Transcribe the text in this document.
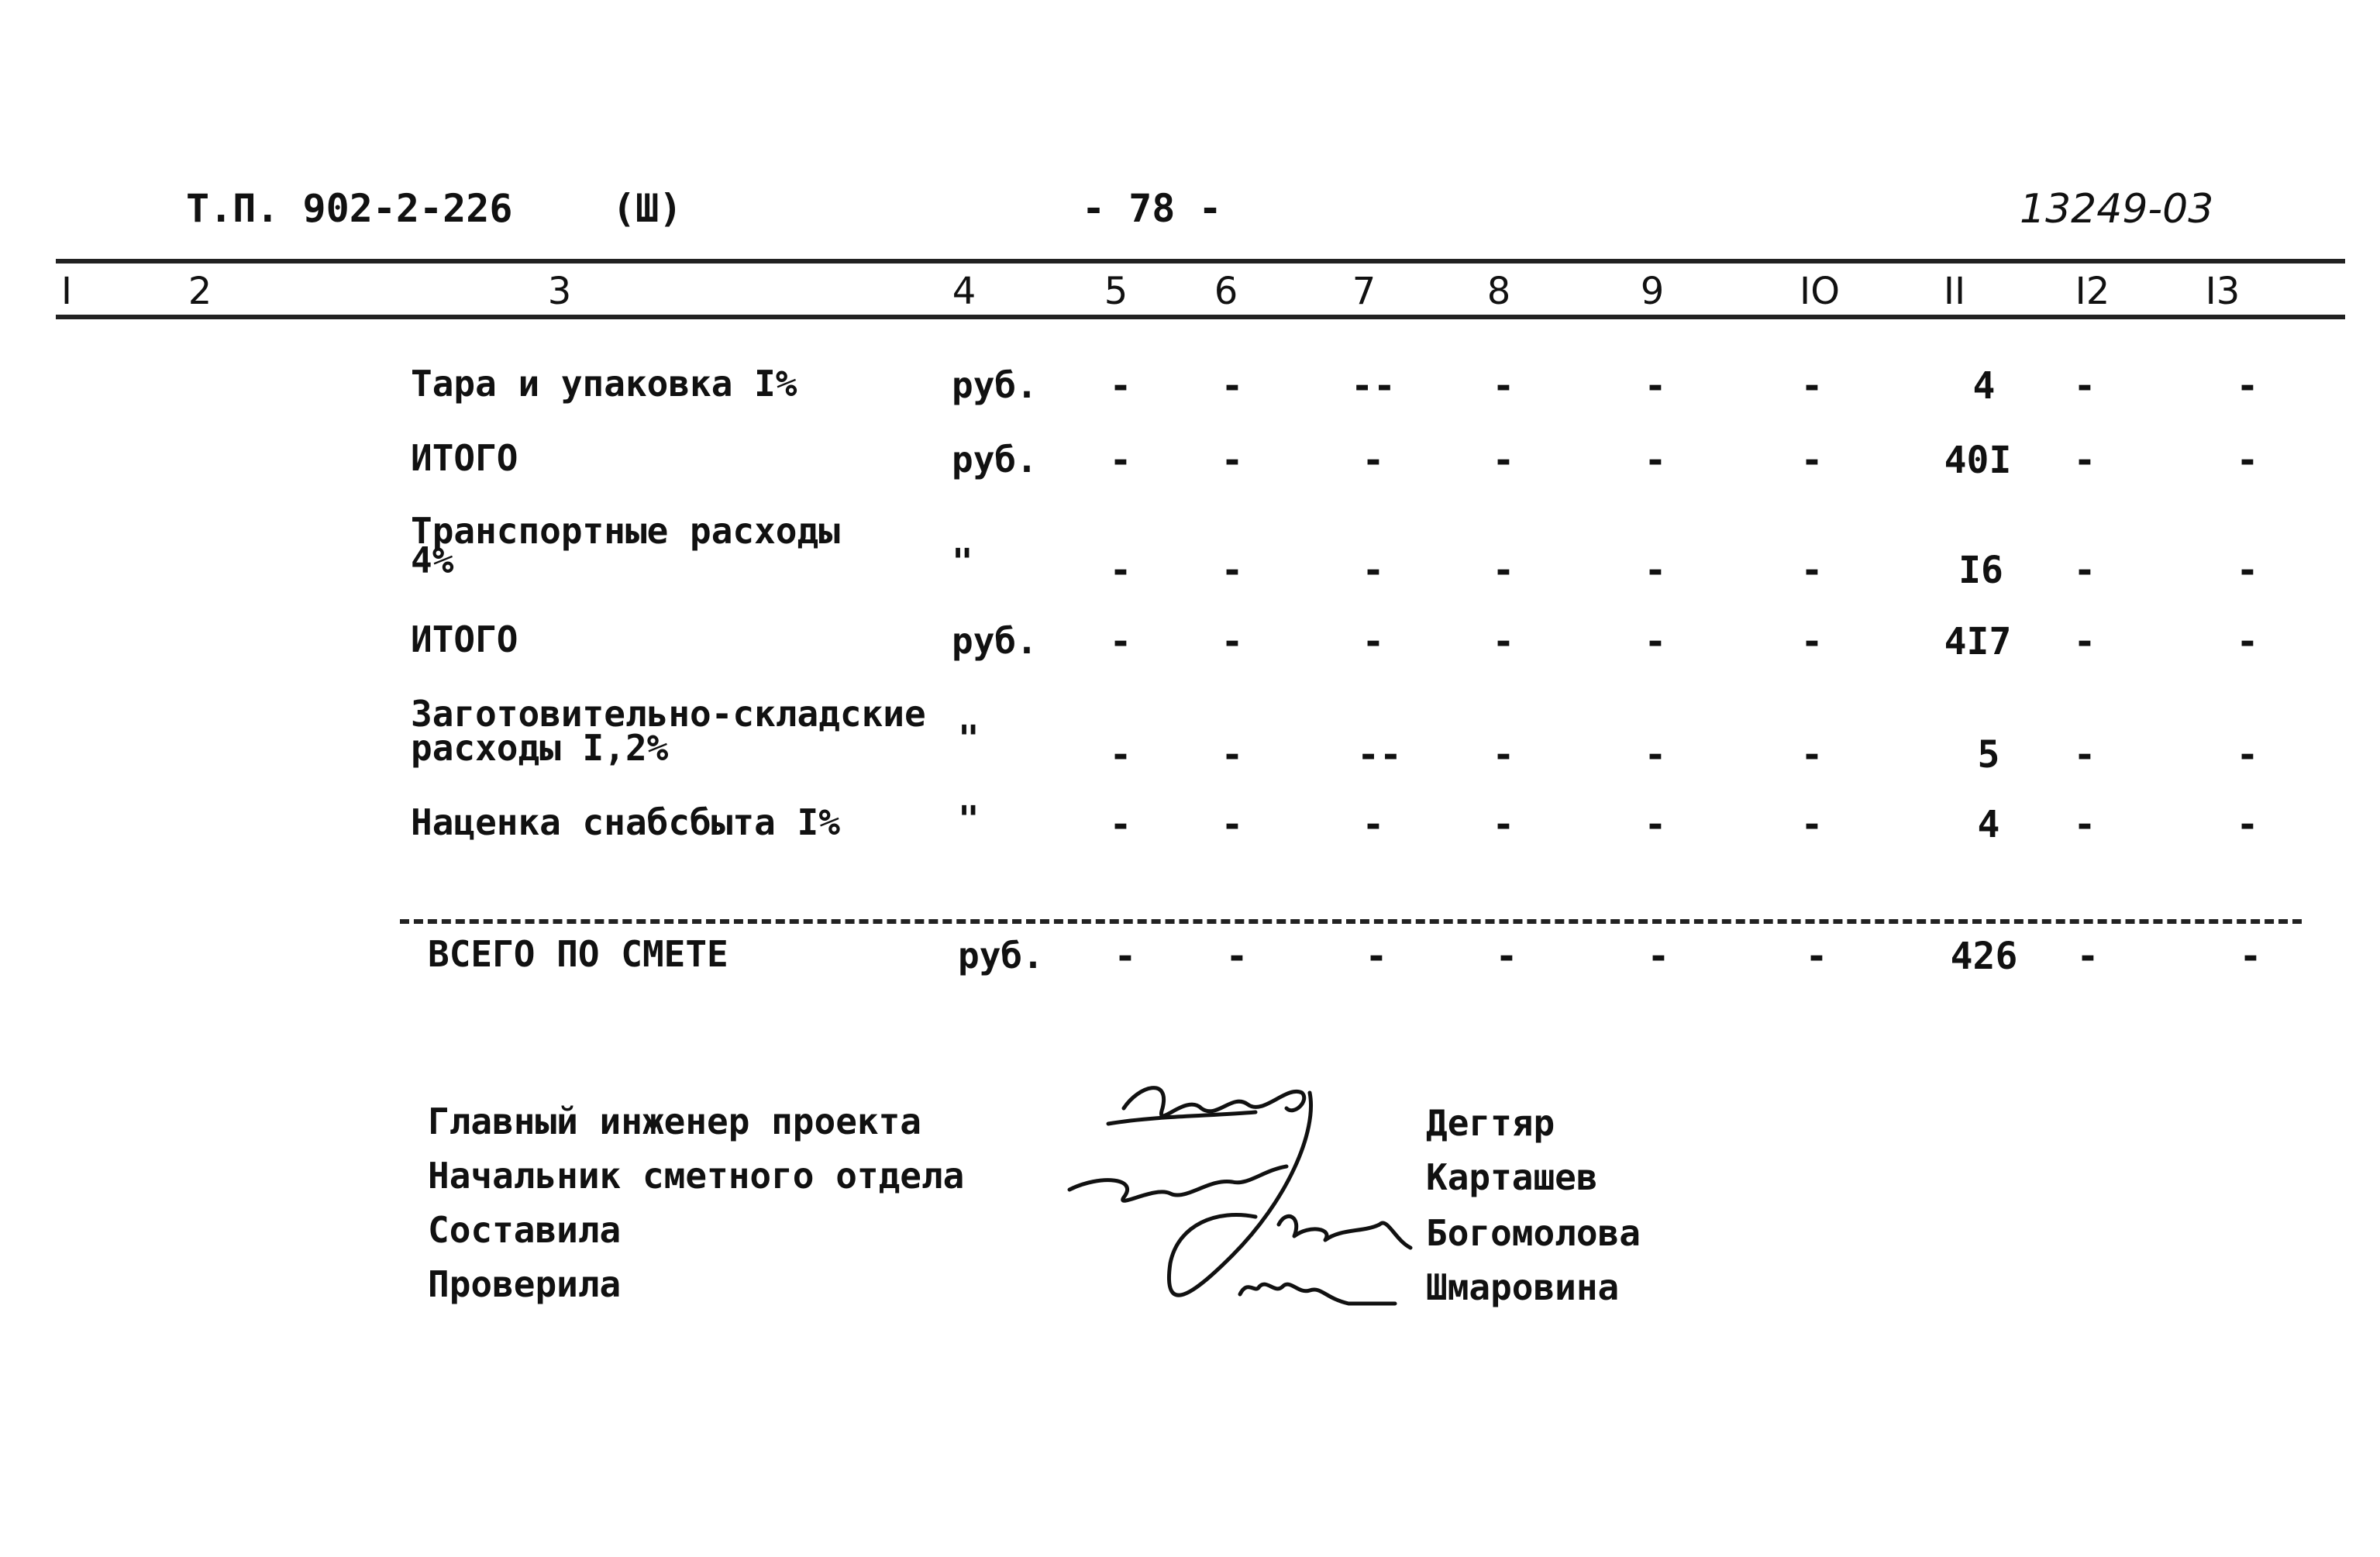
Т.П. 902-2-226	(Ш)	- 78 -	13249-03
I	2	3	4	5 6	7	8	9	IO	II	I2	I3
Тара и упаковка I%	руб. - -	--	-	-	-	4 -	-
ИТОГО	руб. - -	-	-	-	-	40I -	-
Транспортные расходы
4%	"	- -	-	-	-	-	I6 -	-
ИТОГО	руб. - -	-	-	-	-	4I7 -	-
Заготовительно-складские
расходы I,2%	"	- -	-- -	-	-	5 -	-
Наценка снабсбыта I%	"	- -	-	-	-	-	4 -	-
ВСЕГО ПО СМЕТЕ	руб. - -	-	-	-	-	426 -	-
Главный инженер проекта	Дегтяр
Начальник сметного отдела	Карташев
Составила	Богомолова
Проверила	Шмаровина
